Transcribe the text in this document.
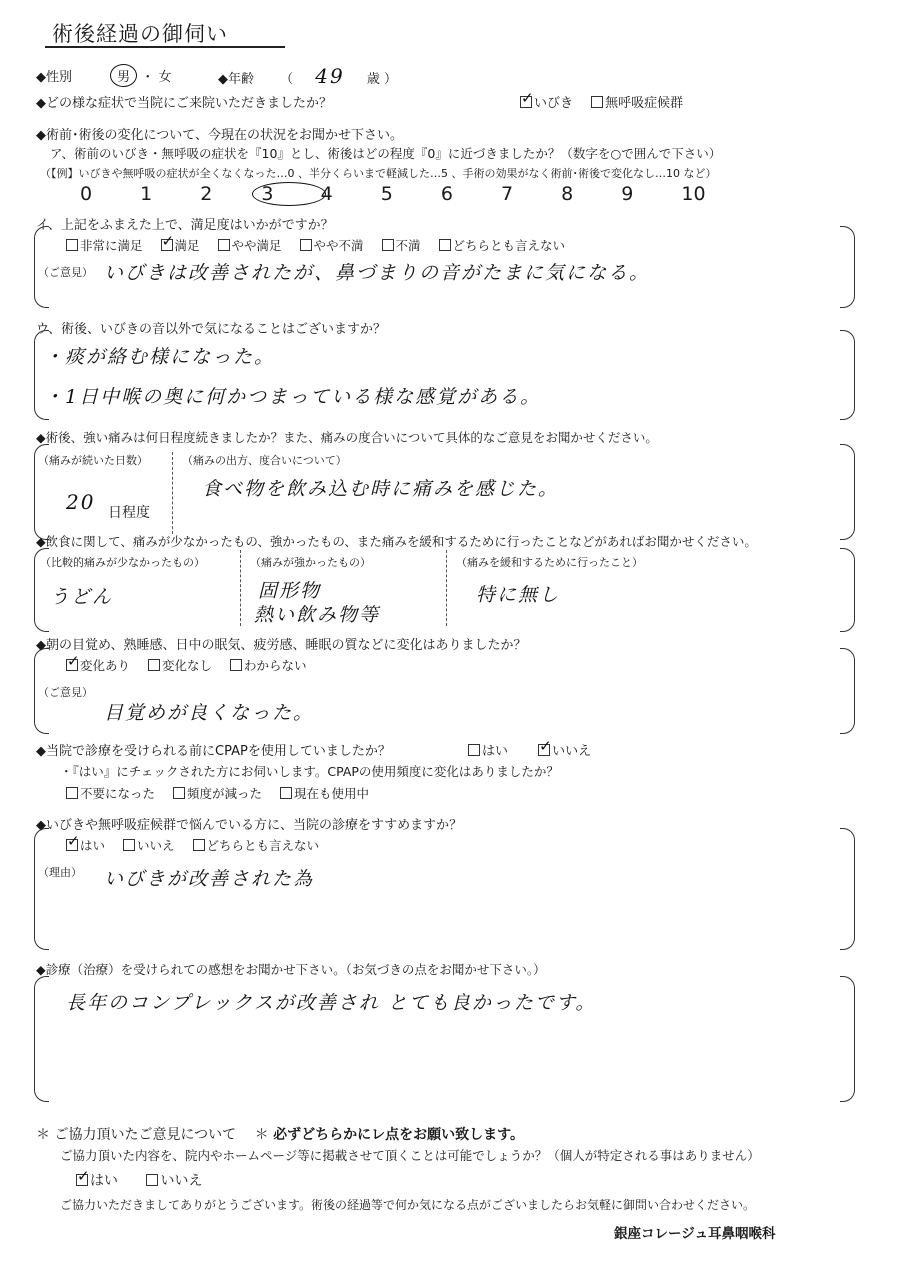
術後経過の御伺い
◆性別	男 ・ 女	◆年齢 （ 49 歳 ）
◆どの様な症状で当院にご来院いただきましたか？ ✓	いびき 無呼吸症候群
◆術前･術後の変化について、今現在の状況をお聞かせ下さい。
ア、術前のいびき・無呼吸の症状を『10』とし、術後はどの程度『0』に近づきましたか？（数字を○で囲んで下さい）
（【例】いびきや無呼吸の症状が全くなくなった…0 、半分くらいまで軽減した…5 、手術の効果がなく術前･術後で変化なし…10 など）
0	1	2	3 4	5	6	7	8	9	10
イ、上記をふまえた上で、満足度はいかがですか？
非常に満足 ✓	満足	やや満足	やや不満	不満	どちらとも言えない
（ご意見） いびきは改善されたが、鼻づまりの音がたまに気になる。
ウ、術後、いびきの音以外で気になることはございますか？
・痰が絡む様になった。
・1日中喉の奥に何かつまっている様な感覚がある。
◆術後、強い痛みは何日程度続きましたか？また、痛みの度合いについて具体的なご意見をお聞かせください。
（痛みが続いた日数）
20 日程度
（痛みの出方、度合いについて）
食べ物を飲み込む時に痛みを感じた。
◆飲食に関して、痛みが少なかったもの、強かったもの、また痛みを緩和するために行ったことなどがあればお聞かせください。
（比較的痛みが少なかったもの）
うどん
（痛みが強かったもの）
固形物
熱い飲み物等
（痛みを緩和するために行ったこと）
特に無し
◆朝の目覚め、熟睡感、日中の眠気、疲労感、睡眠の質などに変化はありましたか？
✓変化あり	変化なし	わからない
（ご意見）
目覚めが良くなった。
◆当院で診療を受けられる前にCPAPを使用していましたか？	はい ✓	いいえ
・『はい』にチェックされた方にお伺いします。CPAPの使用頻度に変化はありましたか？
不要になった	頻度が減った	現在も使用中
◆いびきや無呼吸症候群で悩んでいる方に、当院の診療をすすめますか？
✓はい	いいえ	どちらとも言えない
（理由） いびきが改善された為
◆診療（治療）を受けられての感想をお聞かせ下さい。（お気づきの点をお聞かせ下さい。）
長年のコンプレックスが改善され とても良かったです。
＊ ご協力頂いたご意見について ＊ 必ずどちらかにレ点をお願い致します。
ご協力頂いた内容を、院内やホームページ等に掲載させて頂くことは可能でしょうか？（個人が特定される事はありません）
✓はい	いいえ
ご協力いただきましてありがとうございます。術後の経過等で何か気になる点がございましたらお気軽に御問い合わせください。
銀座コレージュ耳鼻咽喉科
